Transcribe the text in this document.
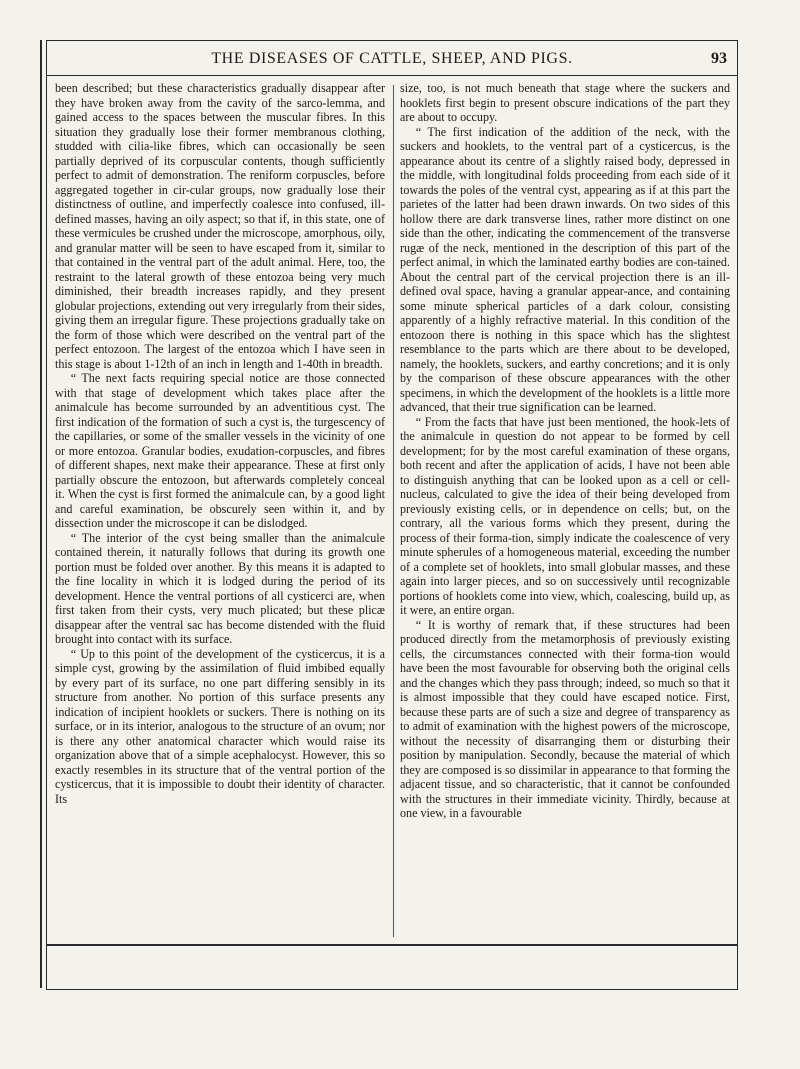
THE DISEASES OF CATTLE, SHEEP, AND PIGS.	93

been described; but these characteristics gradually disappear after they have broken away from the cavity of the sarco-lemma, and gained access to the spaces between the muscular fibres. In this situation they gradually lose their former membranous clothing, studded with cilia-like fibres, which can occasionally be seen partially deprived of its corpuscular contents, though sufficiently perfect to admit of demonstration. The reniform corpuscles, before aggregated together in cir-cular groups, now gradually lose their distinctness of outline, and imperfectly coalesce into confused, ill-defined masses, having an oily aspect; so that if, in this state, one of these vermicules be crushed under the microscope, amorphous, oily, and granular matter will be seen to have escaped from it, similar to that contained in the ventral part of the adult animal. Here, too, the restraint to the lateral growth of these entozoa being very much diminished, their breadth increases rapidly, and they present globular projections, extending out very irregularly from their sides, giving them an irregular figure. These projections gradually take on the form of those which were described on the ventral part of the perfect entozoon. The largest of the entozoa which I have seen in this stage is about 1-12th of an inch in length and 1-40th in breadth.

“ The next facts requiring special notice are those connected with that stage of development which takes place after the animalcule has become surrounded by an adventitious cyst. The first indication of the formation of such a cyst is, the turgescency of the capillaries, or some of the smaller vessels in the vicinity of one or more entozoa. Granular bodies, exudation-corpuscles, and fibres of different shapes, next make their appearance. These at first only partially obscure the entozoon, but afterwards completely conceal it. When the cyst is first formed the animalcule can, by a good light and careful examination, be obscurely seen within it, and by dissection under the microscope it can be dislodged.

“ The interior of the cyst being smaller than the animalcule contained therein, it naturally follows that during its growth one portion must be folded over another. By this means it is adapted to the fine locality in which it is lodged during the period of its development. Hence the ventral portions of all cysticerci are, when first taken from their cysts, very much plicated; but these plicæ disappear after the ventral sac has become distended with the fluid brought into contact with its surface.

“ Up to this point of the development of the cysticercus, it is a simple cyst, growing by the assimilation of fluid imbibed equally by every part of its surface, no one part differing sensibly in its structure from another. No portion of this surface presents any indication of incipient hooklets or suckers. There is nothing on its surface, or in its interior, analogous to the structure of an ovum; nor is there any other anatomical character which would raise its organization above that of a simple acephalocyst. However, this so exactly resembles in its structure that of the ventral portion of the cysticercus, that it is impossible to doubt their identity of character. Its

size, too, is not much beneath that stage where the suckers and hooklets first begin to present obscure indications of the part they are about to occupy.

“ The first indication of the addition of the neck, with the suckers and hooklets, to the ventral part of a cysticercus, is the appearance about its centre of a slightly raised body, depressed in the middle, with longitudinal folds proceeding from each side of it towards the poles of the ventral cyst, appearing as if at this part the parietes of the latter had been drawn inwards. On two sides of this hollow there are dark transverse lines, rather more distinct on one side than the other, indicating the commencement of the transverse rugæ of the neck, mentioned in the description of this part of the perfect animal, in which the laminated earthy bodies are con-tained. About the central part of the cervical projection there is an ill-defined oval space, having a granular appear-ance, and containing some minute spherical particles of a dark colour, consisting apparently of a highly refractive material. In this condition of the entozoon there is nothing in this space which has the slightest resemblance to the parts which are there about to be developed, namely, the hooklets, suckers, and earthy concretions; and it is only by the comparison of these obscure appearances with the other specimens, in which the development of the hooklets is a little more advanced, that their true signification can be learned.

“ From the facts that have just been mentioned, the hook-lets of the animalcule in question do not appear to be formed by cell development; for by the most careful examination of these organs, both recent and after the application of acids, I have not been able to distinguish anything that can be looked upon as a cell or cell-nucleus, calculated to give the idea of their being developed from previously existing cells, or in dependence on cells; but, on the contrary, all the various forms which they present, during the process of their forma-tion, simply indicate the coalescence of very minute spherules of a homogeneous material, exceeding the number of a complete set of hooklets, into small globular masses, and these again into larger pieces, and so on successively until recognizable portions of hooklets come into view, which, coalescing, build up, as it were, an entire organ.

“ It is worthy of remark that, if these structures had been produced directly from the metamorphosis of previously existing cells, the circumstances connected with their forma-tion would have been the most favourable for observing both the original cells and the changes which they pass through; indeed, so much so that it is almost impossible that they could have escaped notice. First, because these parts are of such a size and degree of transparency as to admit of examination with the highest powers of the microscope, without the necessity of disarranging them or disturbing their position by manipulation. Secondly, because the material of which they are composed is so dissimilar in appearance to that forming the adjacent tissue, and so characteristic, that it cannot be confounded with the structures in their immediate vicinity. Thirdly, because at one view, in a favourable
